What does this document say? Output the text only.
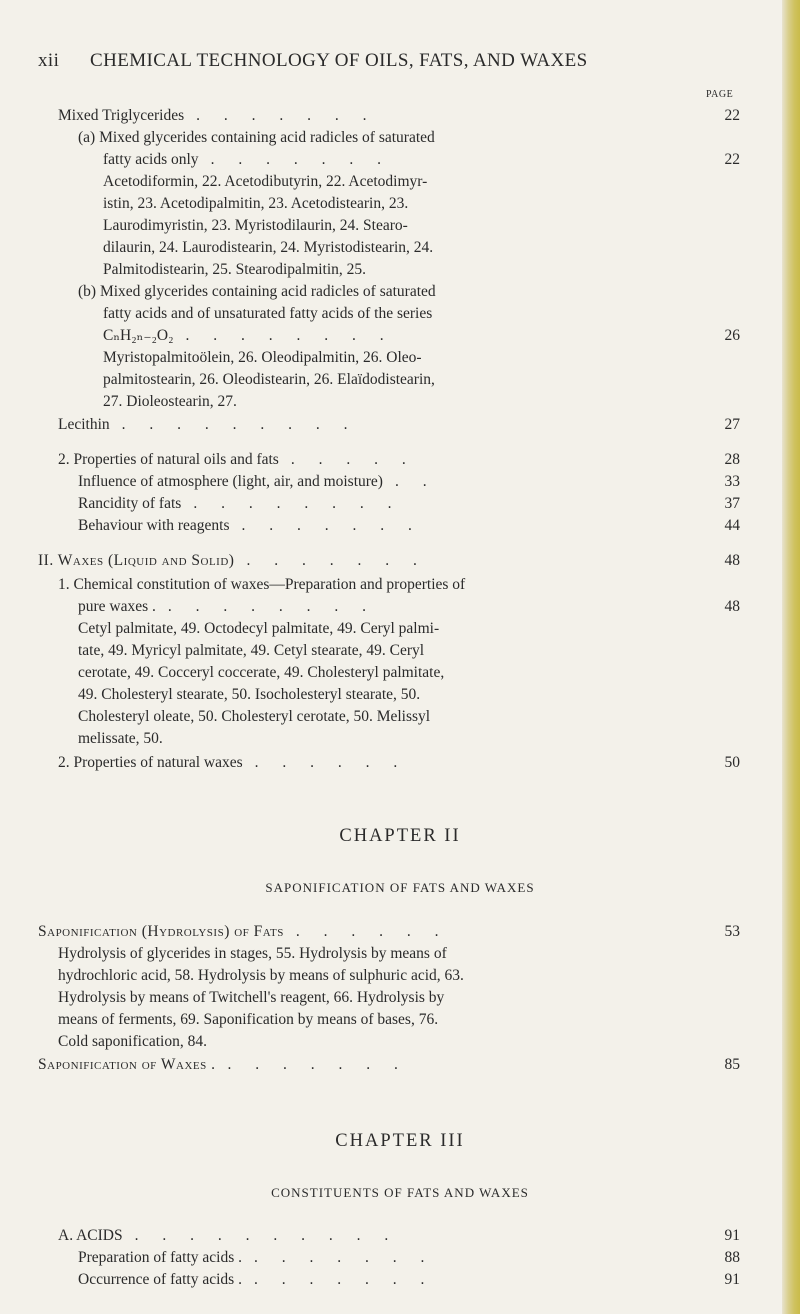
xii CHEMICAL TECHNOLOGY OF OILS, FATS, AND WAXES
PAGE
Mixed Triglycerides . . . . . . .	22
(a) Mixed glycerides containing acid radicles of saturated
fatty acids only . . . . . . .	22
Acetodiformin, 22. Acetodibutyrin, 22. Acetodimyr-
istin, 23. Acetodipalmitin, 23. Acetodistearin, 23.
Laurodimyristin, 23. Myristodilaurin, 24. Stearo-
dilaurin, 24. Laurodistearin, 24. Myristodistearin, 24.
Palmitodistearin, 25. Stearodipalmitin, 25.
(b) Mixed glycerides containing acid radicles of saturated
fatty acids and of unsaturated fatty acids of the series
CₙH₂ₙ₋₂O₂ . . . . . . . .	26
Myristopalmitoölein, 26. Oleodipalmitin, 26. Oleo-
palmitostearin, 26. Oleodistearin, 26. Elaïdodistearin,
27. Dioleostearin, 27.
Lecithin . . . . . . . . .	27
2. Properties of natural oils and fats . . . . .	28
Influence of atmosphere (light, air, and moisture) . .	33
Rancidity of fats . . . . . . . .	37
Behaviour with reagents . . . . . . .	44
II. Waxes (Liquid and Solid) . . . . . . .	48
1. Chemical constitution of waxes—Preparation and properties of
pure waxes . . . . . . . . .	48
Cetyl palmitate, 49. Octodecyl palmitate, 49. Ceryl palmi-
tate, 49. Myricyl palmitate, 49. Cetyl stearate, 49. Ceryl
cerotate, 49. Cocceryl coccerate, 49. Cholesteryl palmitate,
49. Cholesteryl stearate, 50. Isocholesteryl stearate, 50.
Cholesteryl oleate, 50. Cholesteryl cerotate, 50. Melissyl
melissate, 50.
2. Properties of natural waxes . . . . . .	50
CHAPTER II
SAPONIFICATION OF FATS AND WAXES
Saponification (Hydrolysis) of Fats . . . . . .	53
Hydrolysis of glycerides in stages, 55. Hydrolysis by means of
hydrochloric acid, 58. Hydrolysis by means of sulphuric acid, 63.
Hydrolysis by means of Twitchell's reagent, 66. Hydrolysis by
means of ferments, 69. Saponification by means of bases, 76.
Cold saponification, 84.
Saponification of Waxes . . . . . . . .	85
CHAPTER III
CONSTITUENTS OF FATS AND WAXES
A. ACIDS . . . . . . . . . .	91
Preparation of fatty acids . . . . . . . .	88
Occurrence of fatty acids . . . . . . . .	91
